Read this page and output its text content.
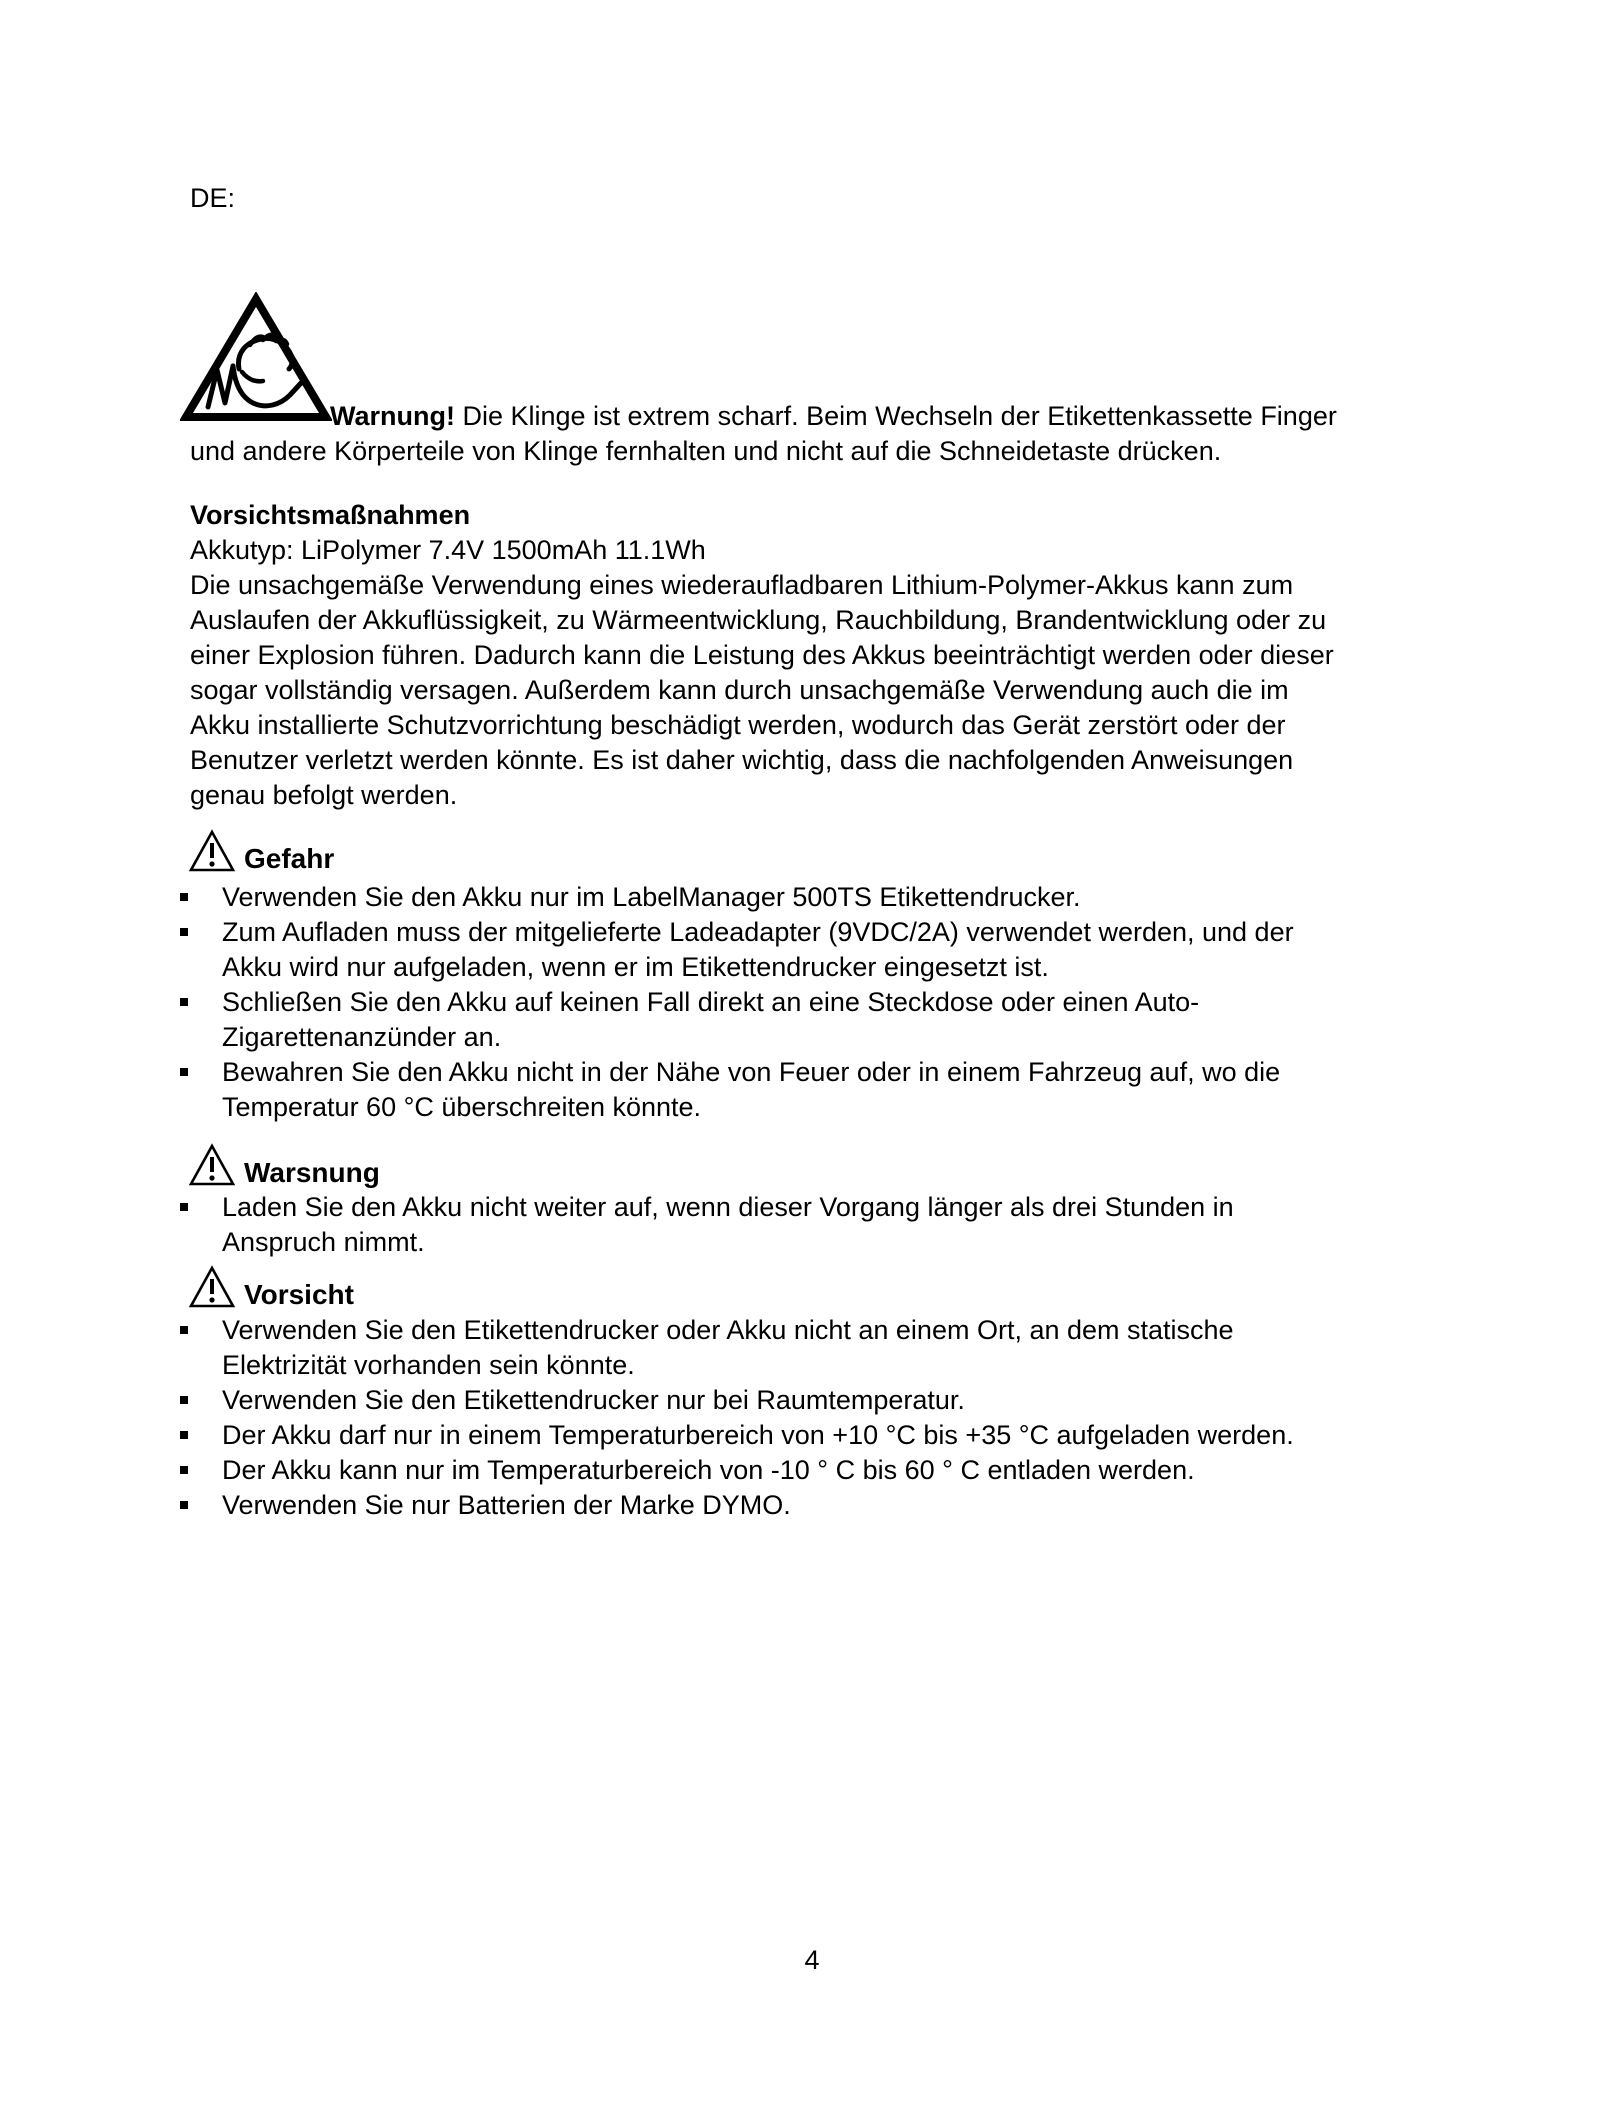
DE:
Warnung! Die Klinge ist extrem scharf. Beim Wechseln der Etikettenkassette Finger
und andere Körperteile von Klinge fernhalten und nicht auf die Schneidetaste drücken.
Vorsichtsmaßnahmen
Akkutyp: LiPolymer 7.4V 1500mAh 11.1Wh
Die unsachgemäße Verwendung eines wiederaufladbaren Lithium-Polymer-Akkus kann zum
Auslaufen der Akkuflüssigkeit, zu Wärmeentwicklung, Rauchbildung, Brandentwicklung oder zu
einer Explosion führen. Dadurch kann die Leistung des Akkus beeinträchtigt werden oder dieser
sogar vollständig versagen. Außerdem kann durch unsachgemäße Verwendung auch die im
Akku installierte Schutzvorrichtung beschädigt werden, wodurch das Gerät zerstört oder der
Benutzer verletzt werden könnte. Es ist daher wichtig, dass die nachfolgenden Anweisungen
genau befolgt werden.
Gefahr
Verwenden Sie den Akku nur im LabelManager 500TS Etikettendrucker.
Zum Aufladen muss der mitgelieferte Ladeadapter (9VDC/2A) verwendet werden, und der
Akku wird nur aufgeladen, wenn er im Etikettendrucker eingesetzt ist.
Schließen Sie den Akku auf keinen Fall direkt an eine Steckdose oder einen Auto-
Zigarettenanzünder an.
Bewahren Sie den Akku nicht in der Nähe von Feuer oder in einem Fahrzeug auf, wo die
Temperatur 60 °C überschreiten könnte.
Warsnung
Laden Sie den Akku nicht weiter auf, wenn dieser Vorgang länger als drei Stunden in
Anspruch nimmt.
Vorsicht
Verwenden Sie den Etikettendrucker oder Akku nicht an einem Ort, an dem statische
Elektrizität vorhanden sein könnte.
Verwenden Sie den Etikettendrucker nur bei Raumtemperatur.
Der Akku darf nur in einem Temperaturbereich von +10 °C bis +35 °C aufgeladen werden.
Der Akku kann nur im Temperaturbereich von -10 ° C bis 60 ° C entladen werden.
Verwenden Sie nur Batterien der Marke DYMO.
4
